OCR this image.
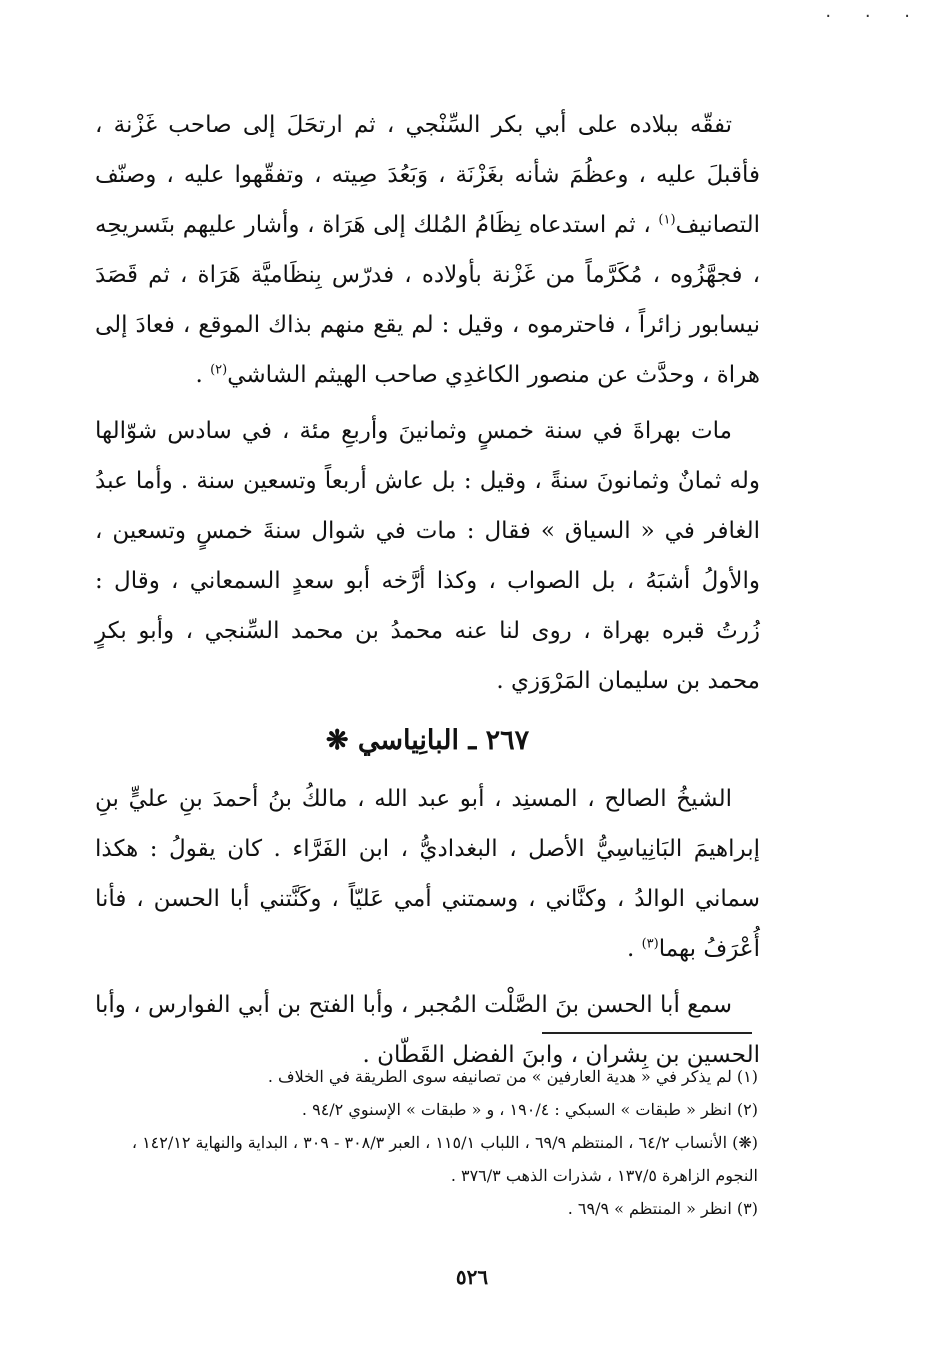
· · ·

تفقّه ببلاده على أبي بكر السِّنْجي ، ثم ارتحَلَ إلى صاحب غَزْنة ، فأقبلَ عليه ، وعظُمَ شأنه بغَزْنَة ، وَبَعُدَ صِيته ، وتفقّهوا عليه ، وصنّف التصانيف$^{(١)}$ ، ثم استدعاه نِظَامُ المُلك إلى هَرَاة ، وأشار عليهم بتَسريحِه ، فجهَّزُوه ، مُكَرَّماً من غَزْنة بأولاده ، فدرّس بِنظَاميَّة هَرَاة ، ثم قَصَدَ نيسابور زائراً ، فاحترموه ، وقيل : لم يقع منهم بذاك الموقع ، فعادَ إلى هراة ، وحدَّث عن منصور الكاغدِي صاحب الهيثم الشاشي$^{(٢)}$ .

مات بهراةَ في سنة خمسٍ وثمانينَ وأربعِ مئة ، في سادس شوّالها وله ثمانٌ وثمانونَ سنةً ، وقيل : بل عاش أربعاً وتسعين سنة . وأما عبدُ الغافر في « السياق » فقال : مات في شوال سنةَ خمسٍ وتسعين ، والأولُ أشبَهُ ، بل الصواب ، وكذا أرَّخه أبو سعدٍ السمعاني ، وقال : زُرتُ قبره بهراة ، روى لنا عنه محمدُ بن محمد السِّنجي ، وأبو بكرٍ محمد بن سليمان المَرْوَزي .

٢٦٧ ـ البانِياسي ❋

الشيخُ الصالح ، المسنِد ، أبو عبد الله ، مالكُ بنُ أحمدَ بنِ عليٍّ بنِ إبراهيمَ البَانِياسِيُّ الأصل ، البغداديُّ ، ابن الفَرَّاء . كان يقولُ : هكذا سماني الوالدُ ، وكنَّاني ، وسمتني أمي عَليّاً ، وكَنَّتني أبا الحسن ، فأنا أُعْرَفُ بهما$^{(٣)}$ .

سمع أبا الحسن بنَ الصَّلْت المُجبر ، وأبا الفتح بن أبي الفوارس ، وأبا الحسين بن بِشران ، وابنَ الفضل القَطّان .

(١) لم يذكر في « هدية العارفين » من تصانيفه سوى الطريقة في الخلاف .

(٢) انظر « طبقات » السبكي : ١٩٠/٤ ، و « طبقات » الإسنوي ٩٤/٢ .

(❋) الأنساب ٦٤/٢ ، المنتظم ٦٩/٩ ، اللباب ١١٥/١ ، العبر ٣٠٨/٣ - ٣٠٩ ، البداية والنهاية ١٤٢/١٢ ، النجوم الزاهرة ١٣٧/٥ ، شذرات الذهب ٣٧٦/٣ .

(٣) انظر « المنتظم » ٦٩/٩ .

٥٢٦
